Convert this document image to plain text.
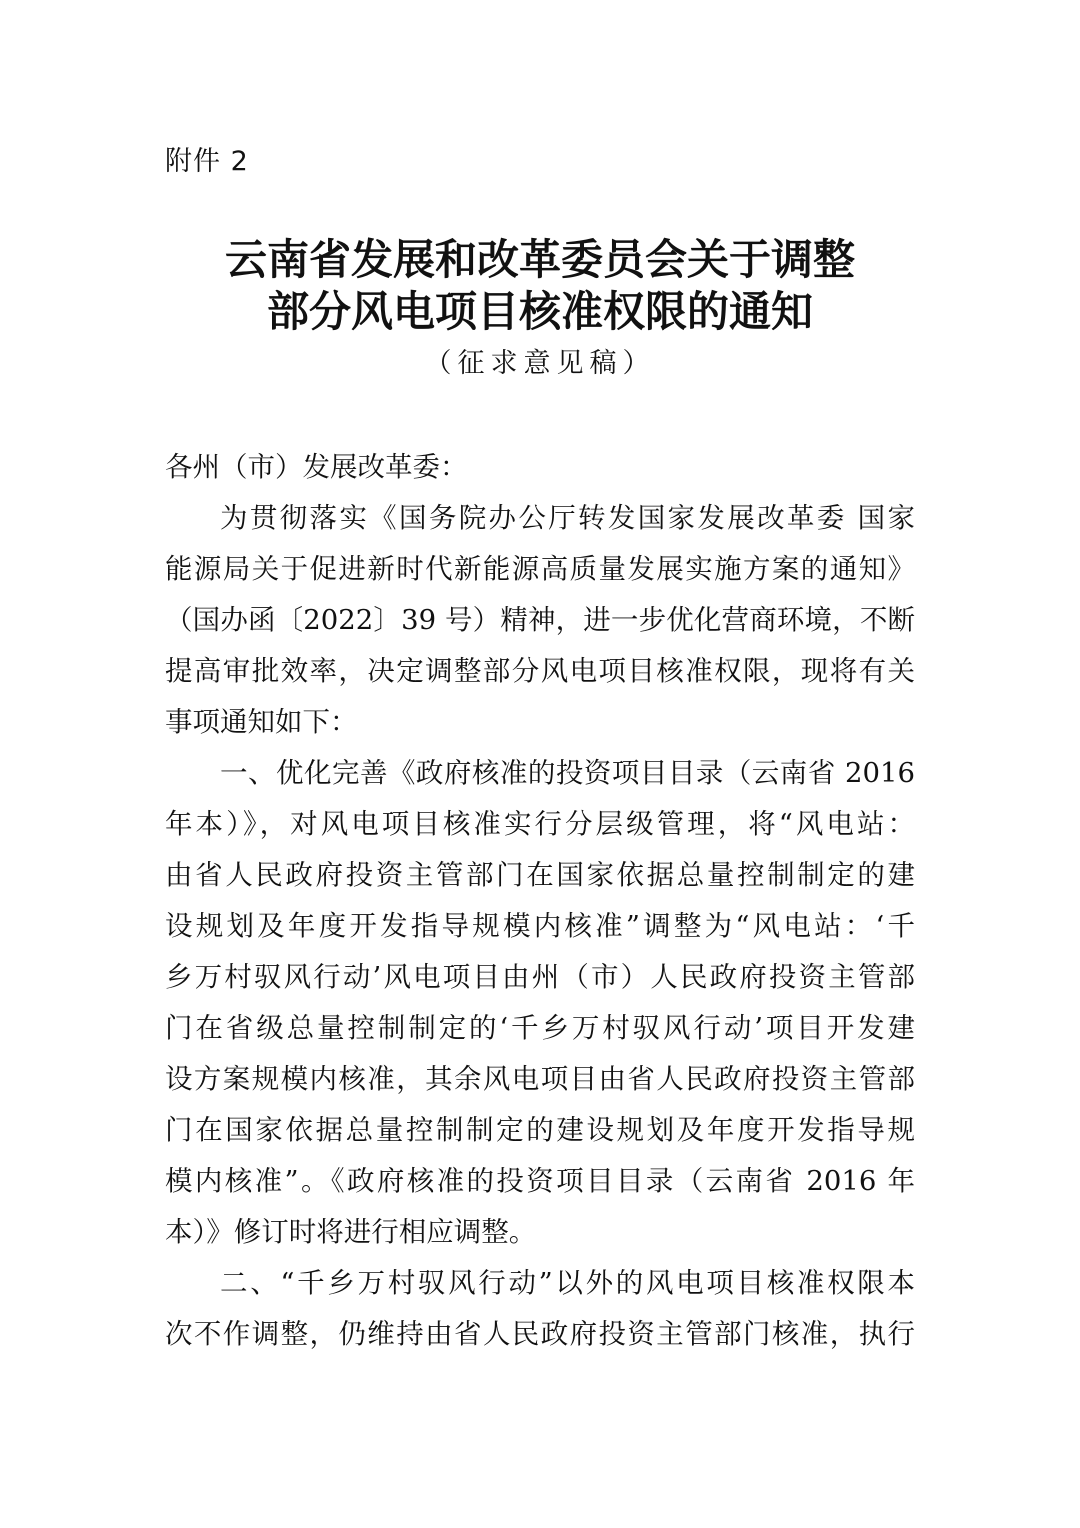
附件 2
云南省发展和改革委员会关于调整
部分风电项目核准权限的通知
（征求意见稿）
各州（市）发展改革委：
为贯彻落实《国务院办公厅转发国家发展改革委 国家
能源局关于促进新时代新能源高质量发展实施方案的通知》
（国办函〔2022〕39 号）精神，进一步优化营商环境，不断
提高审批效率，决定调整部分风电项目核准权限，现将有关
事项通知如下：
一、优化完善《政府核准的投资项目目录（云南省 2016
年本）》，对风电项目核准实行分层级管理，将“风电站：
由省人民政府投资主管部门在国家依据总量控制制定的建
设规划及年度开发指导规模内核准”调整为“风电站：‘千
乡万村驭风行动’风电项目由州（市）人民政府投资主管部
门在省级总量控制制定的‘千乡万村驭风行动’项目开发建
设方案规模内核准，其余风电项目由省人民政府投资主管部
门在国家依据总量控制制定的建设规划及年度开发指导规
模内核准”。《政府核准的投资项目目录（云南省 2016 年
本）》修订时将进行相应调整。
二、“千乡万村驭风行动”以外的风电项目核准权限本
次不作调整，仍维持由省人民政府投资主管部门核准，执行
